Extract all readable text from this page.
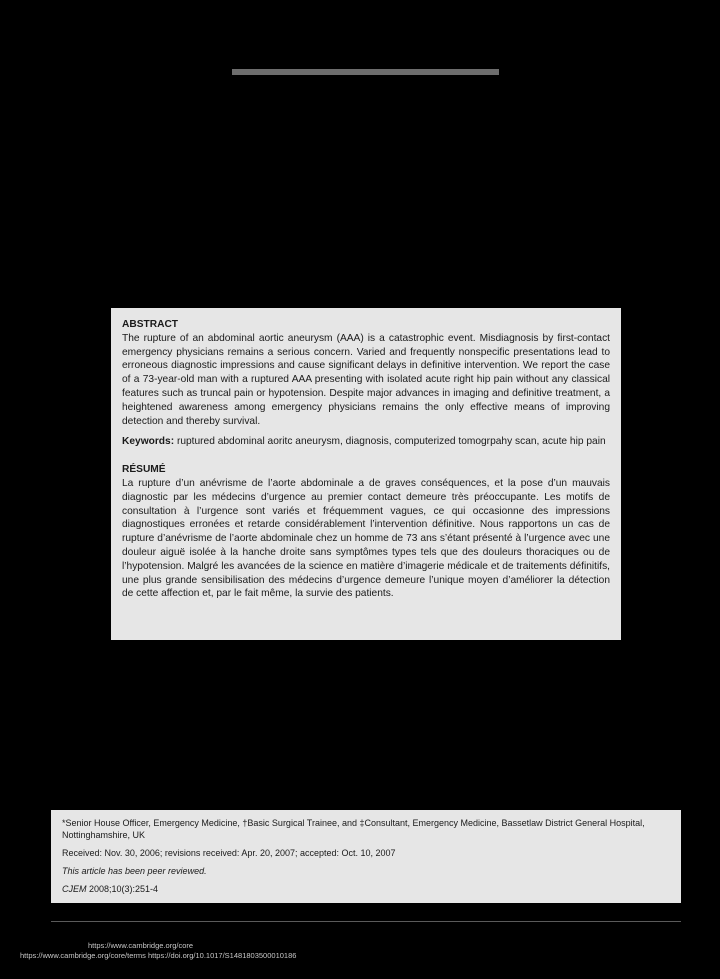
ABSTRACT

The rupture of an abdominal aortic aneurysm (AAA) is a catastrophic event. Misdiagnosis by first-contact emergency physicians remains a serious concern. Varied and frequently nonspecific presentations lead to erroneous diagnostic impressions and cause significant delays in definitive intervention. We report the case of a 73-year-old man with a ruptured AAA presenting with isolated acute right hip pain without any classical features such as truncal pain or hypotension. Despite major advances in imaging and definitive treatment, a heightened awareness among emergency physicians remains the only effective means of improving detection and thereby survival.

Keywords: ruptured abdominal aoritc aneurysm, diagnosis, computerized tomogrpahy scan, acute hip pain

RÉSUMÉ

La rupture d’un anévrisme de l’aorte abdominale a de graves conséquences, et la pose d’un mauvais diagnostic par les médecins d’urgence au premier contact demeure très préoccupante. Les motifs de consultation à l’urgence sont variés et fréquemment vagues, ce qui occasionne des impressions diagnostiques erronées et retarde considérablement l’intervention définitive. Nous rapportons un cas de rupture d’anévrisme de l’aorte abdominale chez un homme de 73 ans s’étant présenté à l’urgence avec une douleur aiguë isolée à la hanche droite sans symptômes types tels que des douleurs thoraciques ou de l’hypotension. Malgré les avancées de la science en matière d’imagerie médicale et de traitements définitifs, une plus grande sensibilisation des médecins d’urgence demeure l’unique moyen d’améliorer la détection de cette affection et, par le fait même, la survie des patients.

*Senior House Officer, Emergency Medicine, †Basic Surgical Trainee, and ‡Consultant, Emergency Medicine, Bassetlaw District General Hospital, Nottinghamshire, UK

Received: Nov. 30, 2006; revisions received: Apr. 20, 2007; accepted: Oct. 10, 2007

This article has been peer reviewed.

CJEM 2008;10(3):251-4

https://www.cambridge.org/core
https://www.cambridge.org/core/terms https://doi.org/10.1017/S1481803500010186
